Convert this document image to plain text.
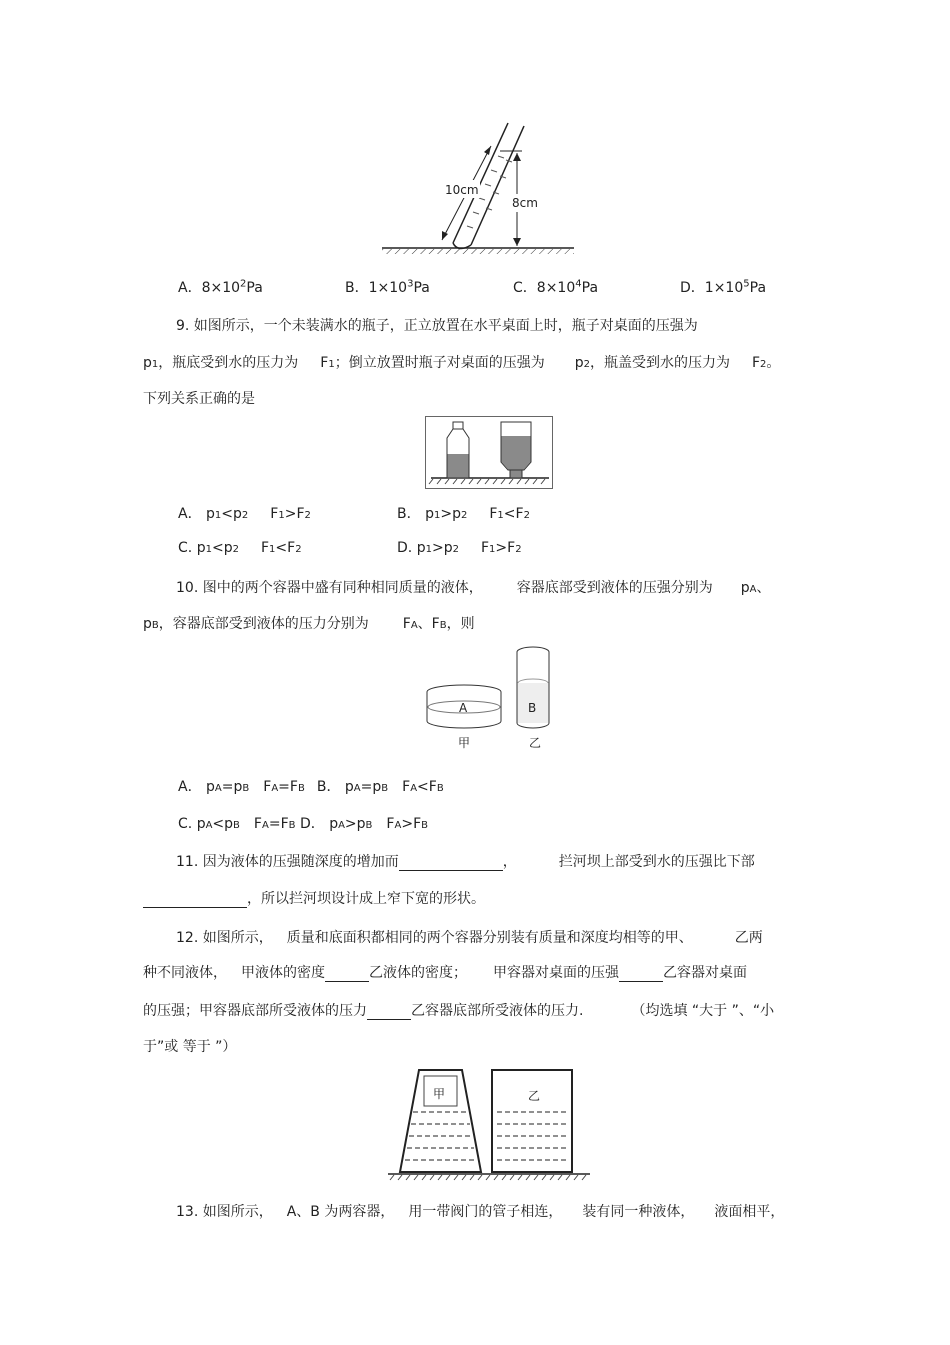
10cm
8cm
A．$8\times 10^2Pa$	B．$1\times 10^3Pa$	C．$8\times 10^4Pa$	D．$1\times 10^5Pa$
9. 如图所示，一个未装满水的瓶子，正立放置在水平桌面上时，瓶子对桌面的压强为
p1，瓶底受到水的压力为 F1；倒立放置时瓶子对桌面的压强为 p2，瓶盖受到水的压力为 F2。
下列关系正确的是
A． p1<p2 F1>F2	B． p1>p2 F1<F2
C. p1<p2 F1<F2	D. p1>p2 F1>F2
10. 图中的两个容器中盛有同种相同质量的液体， 容器底部受到液体的压强分别为 pA、
pB，容器底部受到液体的压力分别为 FA、FB，则
A
甲
B
乙
A． pA=pB FA=FB B． pA=pB FA<FB
C. pA<pB FA=FB D． pA>pB FA>FB
11. 因为液体的压强随深度的增加而	，	拦河坝上部受到水的压强比下部
，所以拦河坝设计成上窄下宽的形状。
12. 如图所示， 质量和底面积都相同的两个容器分别装有质量和深度均相等的甲、	乙两
种不同液体， 甲液体的密度	乙液体的密度； 甲容器对桌面的压强	乙容器对桌面
的压强；甲容器底部所受液体的压力	乙容器底部所受液体的压力.	（均选填 “大于 ”、“小
于”或 等于 ”）
甲	乙
13. 如图所示， A、B 为两容器， 用一带阀门的管子相连， 装有同一种液体， 液面相平，
